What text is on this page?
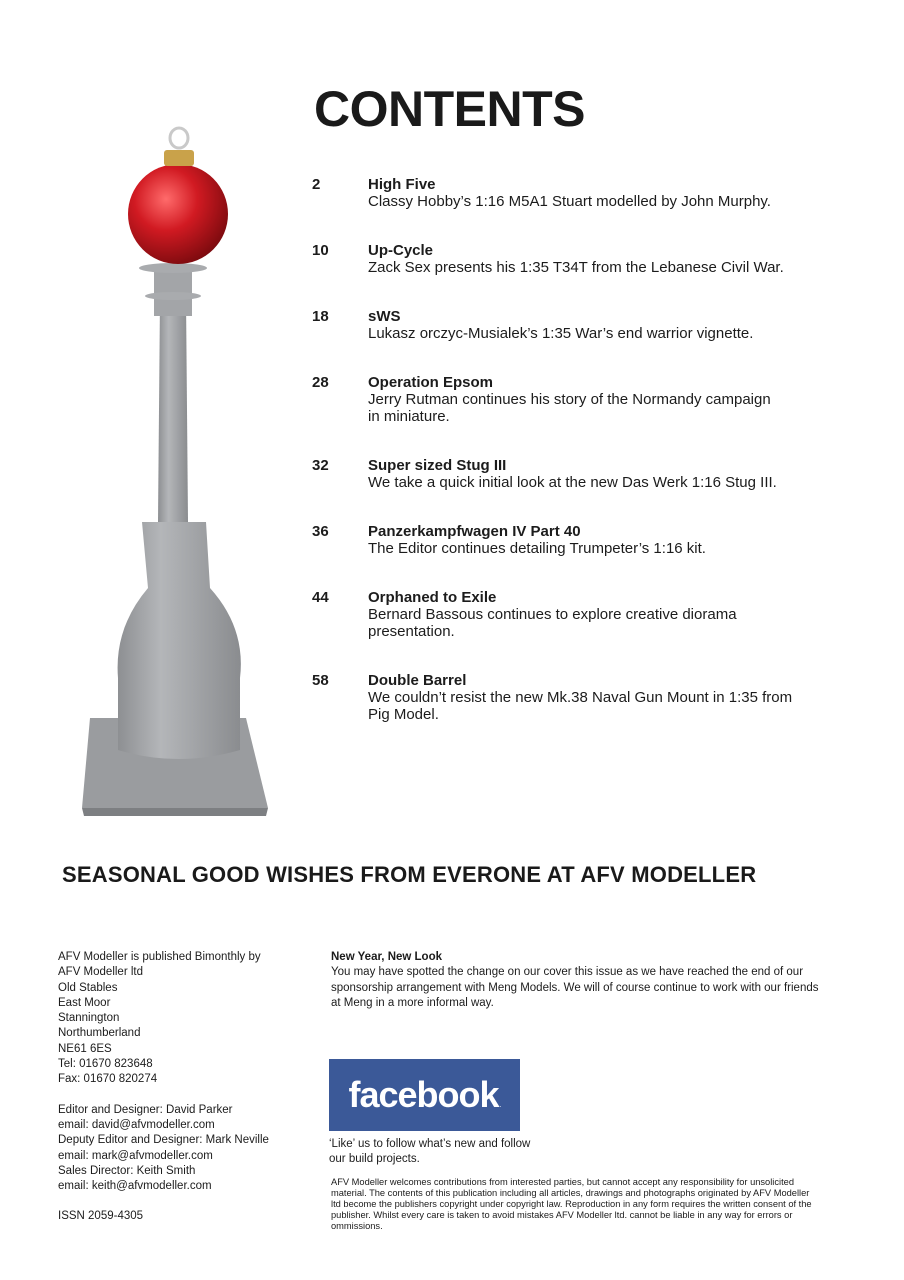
CONTENTS
2	High Five
Classy Hobby’s 1:16 M5A1 Stuart modelled by John Murphy.
10	Up-Cycle
Zack Sex presents his 1:35 T34T from the Lebanese Civil War.
18	sWS
Lukasz orczyc-Musialek’s 1:35 War’s end warrior vignette.
28	Operation Epsom
Jerry Rutman continues his story of the Normandy campaign
in miniature.
32	Super sized Stug III
We take a quick initial look at the new Das Werk 1:16 Stug III.
36	Panzerkampfwagen IV Part 40
The Editor continues detailing Trumpeter’s 1:16 kit.
44	Orphaned to Exile
Bernard Bassous continues to explore creative diorama
presentation.
58	Double Barrel
We couldn’t resist the new Mk.38 Naval Gun Mount in 1:35 from
Pig Model.
SEASONAL GOOD WISHES FROM EVERONE AT AFV MODELLER
AFV Modeller is published Bimonthly by
AFV Modeller ltd
Old Stables
East Moor
Stannington
Northumberland
NE61 6ES
Tel: 01670 823648
Fax: 01670 820274
Editor and Designer: David Parker
email: david@afvmodeller.com
Deputy Editor and Designer: Mark Neville
email: mark@afvmodeller.com
Sales Director: Keith Smith
email: keith@afvmodeller.com
ISSN 2059-4305
New Year, New Look
You may have spotted the change on our cover this issue as we have reached the end of our sponsorship arrangement with Meng Models. We will of course continue to work with our friends at Meng in a more informal way.
facebook$_.$
‘Like’ us to follow what’s new and follow our build projects.
AFV Modeller welcomes contributions from interested parties, but cannot accept any responsibility for unsolicited material. The contents of this publication including all articles, drawings and photographs originated by AFV Modeller ltd become the publishers copyright under copyright law. Reproduction in any form requires the written consent of the publisher. Whilst every care is taken to avoid mistakes AFV Modeller ltd. cannot be liable in any way for errors or ommissions.
